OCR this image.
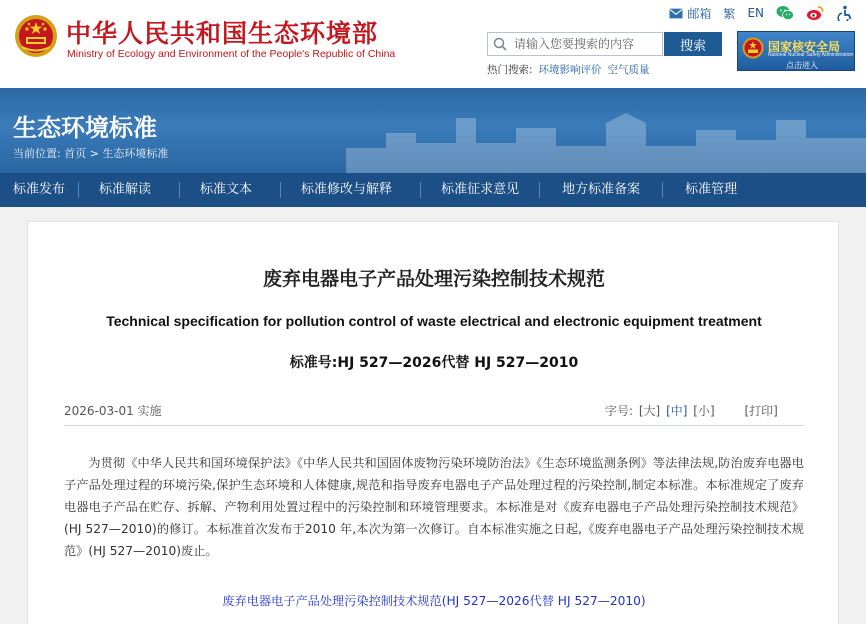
中华人民共和国生态环境部
Ministry of Ecology and Environment of the People's Republic of China
邮箱 繁 EN
请输入您要搜索的内容
搜索
热门搜索: 环境影响评价 空气质量
国家核安全局
National Nuclear Safety Administration
点击进入
生态环境标准
当前位置: 首页 > 生态环境标准
标准发布	标准解读	标准文本	标准修改与解释	标准征求意见	地方标准备案	标准管理
废弃电器电子产品处理污染控制技术规范
Technical specification for pollution control of waste electrical and electronic equipment treatment
标准号:HJ 527—2026代替 HJ 527—2010
2026-03-01 实施	字号: [大] [中] [小] [打印]

为贯彻《中华人民共和国环境保护法》《中华人民共和国固体废物污染环境防治法》《生态环境监测条例》等法律法规,防治废弃电器电子产品处理过程的环境污染,保护生态环境和人体健康,规范和指导废弃电器电子产品处理过程的污染控制,制定本标准。本标准规定了废弃电器电子产品在贮存、拆解、产物利用处置过程中的污染控制和环境管理要求。本标准是对《废弃电器电子产品处理污染控制技术规范》(HJ 527—2010)的修订。本标准首次发布于2010 年,本次为第一次修订。自本标准实施之日起,《废弃电器电子产品处理污染控制技术规范》(HJ 527—2010)废止。

废弃电器电子产品处理污染控制技术规范(HJ 527—2026代替 HJ 527—2010)
